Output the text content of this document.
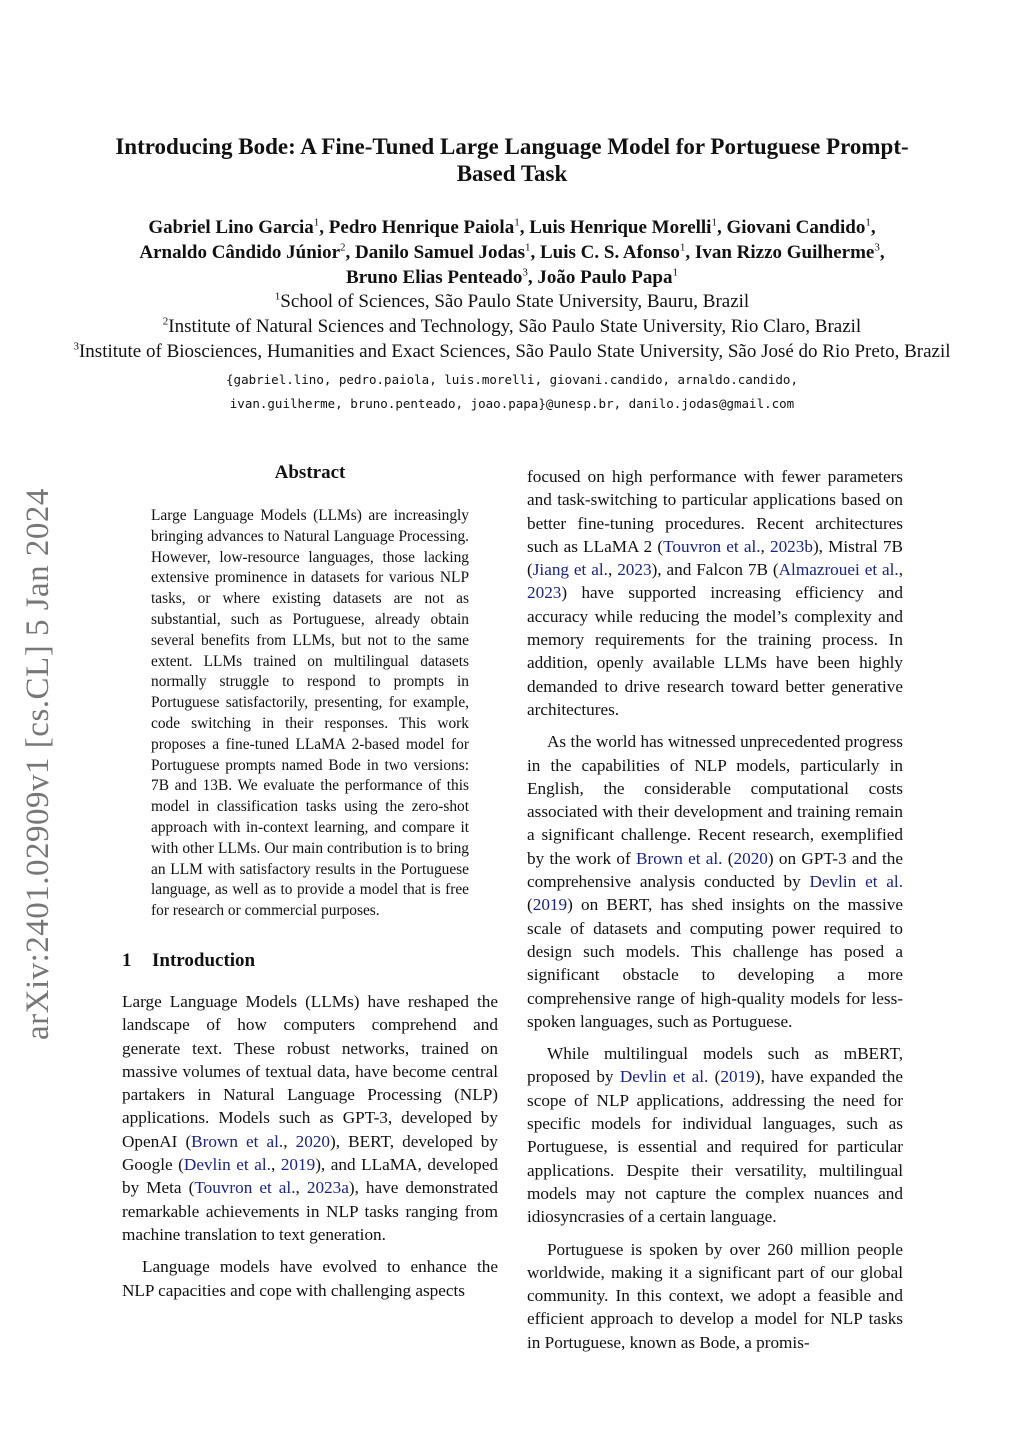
arXiv:2401.02909v1 [cs.CL] 5 Jan 2024
Introducing Bode: A Fine-Tuned Large Language Model for Portuguese Prompt-Based Task
Gabriel Lino Garcia$^1$, Pedro Henrique Paiola$^1$, Luis Henrique Morelli$^1$, Giovani Candido$^1$,
Arnaldo Cândido Júnior$^2$, Danilo Samuel Jodas$^1$, Luis C. S. Afonso$^1$, Ivan Rizzo Guilherme$^3$,
Bruno Elias Penteado$^3$, João Paulo Papa$^1$
$^1$School of Sciences, São Paulo State University, Bauru, Brazil
$^2$Institute of Natural Sciences and Technology, São Paulo State University, Rio Claro, Brazil
$^3$Institute of Biosciences, Humanities and Exact Sciences, São Paulo State University, São José do Rio Preto, Brazil
{gabriel.lino, pedro.paiola, luis.morelli, giovani.candido, arnaldo.candido,
ivan.guilherme, bruno.penteado, joao.papa}@unesp.br, danilo.jodas@gmail.com
Abstract

Large Language Models (LLMs) are increasingly bringing advances to Natural Language Processing. However, low-resource languages, those lacking extensive prominence in datasets for various NLP tasks, or where existing datasets are not as substantial, such as Portuguese, already obtain several benefits from LLMs, but not to the same extent. LLMs trained on multilingual datasets normally struggle to respond to prompts in Portuguese satisfactorily, presenting, for example, code switching in their responses. This work proposes a fine-tuned LLaMA 2-based model for Portuguese prompts named Bode in two versions: 7B and 13B. We evaluate the performance of this model in classification tasks using the zero-shot approach with in-context learning, and compare it with other LLMs. Our main contribution is to bring an LLM with satisfactory results in the Portuguese language, as well as to provide a model that is free for research or commercial purposes.

1 Introduction

Large Language Models (LLMs) have reshaped the landscape of how computers comprehend and generate text. These robust networks, trained on massive volumes of textual data, have become central partakers in Natural Language Processing (NLP) applications. Models such as GPT-3, developed by OpenAI (Brown et al., 2020), BERT, developed by Google (Devlin et al., 2019), and LLaMA, developed by Meta (Touvron et al., 2023a), have demonstrated remarkable achievements in NLP tasks ranging from machine translation to text generation.

Language models have evolved to enhance the NLP capacities and cope with challenging aspects

focused on high performance with fewer parameters and task-switching to particular applications based on better fine-tuning procedures. Recent architectures such as LLaMA 2 (Touvron et al., 2023b), Mistral 7B (Jiang et al., 2023), and Falcon 7B (Almazrouei et al., 2023) have supported increasing efficiency and accuracy while reducing the model’s complexity and memory requirements for the training process. In addition, openly available LLMs have been highly demanded to drive research toward better generative architectures.

As the world has witnessed unprecedented progress in the capabilities of NLP models, particularly in English, the considerable computational costs associated with their development and training remain a significant challenge. Recent research, exemplified by the work of Brown et al. (2020) on GPT-3 and the comprehensive analysis conducted by Devlin et al. (2019) on BERT, has shed insights on the massive scale of datasets and computing power required to design such models. This challenge has posed a significant obstacle to developing a more comprehensive range of high-quality models for less-spoken languages, such as Portuguese.

While multilingual models such as mBERT, proposed by Devlin et al. (2019), have expanded the scope of NLP applications, addressing the need for specific models for individual languages, such as Portuguese, is essential and required for particular applications. Despite their versatility, multilingual models may not capture the complex nuances and idiosyncrasies of a certain language.

Portuguese is spoken by over 260 million people worldwide, making it a significant part of our global community. In this context, we adopt a feasible and efficient approach to develop a model for NLP tasks in Portuguese, known as Bode, a promis-
